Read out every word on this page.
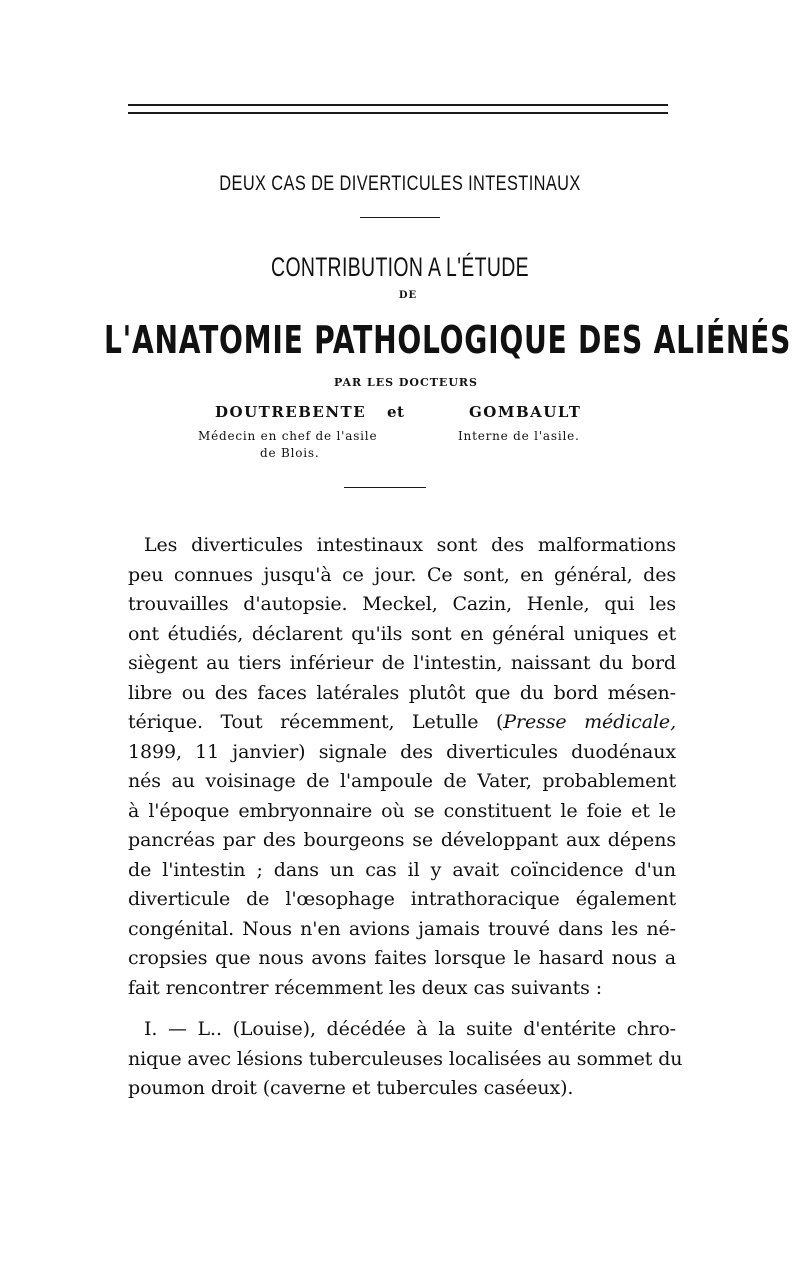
DEUX CAS DE DIVERTICULES INTESTINAUX
CONTRIBUTION A L'ÉTUDE
DE
L'ANATOMIE PATHOLOGIQUE DES ALIÉNÉS
PAR LES DOCTEURS
DOUTREBENTE et	GOMBAULT
Médecin en chef de l'asile
de Blois.
Interne de l'asile.
Les diverticules intestinaux sont des malformations
peu connues jusqu'à ce jour. Ce sont, en général, des
trouvailles d'autopsie. Meckel, Cazin, Henle, qui les
ont étudiés, déclarent qu'ils sont en général uniques et
siègent au tiers inférieur de l'intestin, naissant du bord
libre ou des faces latérales plutôt que du bord mésen-
térique. Tout récemment, Letulle (Presse médicale,
1899, 11 janvier) signale des diverticules duodénaux
nés au voisinage de l'ampoule de Vater, probablement
à l'époque embryonnaire où se constituent le foie et le
pancréas par des bourgeons se développant aux dépens
de l'intestin ; dans un cas il y avait coïncidence d'un
diverticule de l'œsophage intrathoracique également
congénital. Nous n'en avions jamais trouvé dans les né-
cropsies que nous avons faites lorsque le hasard nous a
fait rencontrer récemment les deux cas suivants :
I. — L.. (Louise), décédée à la suite d'entérite chro-
nique avec lésions tuberculeuses localisées au sommet du
poumon droit (caverne et tubercules caséeux).
